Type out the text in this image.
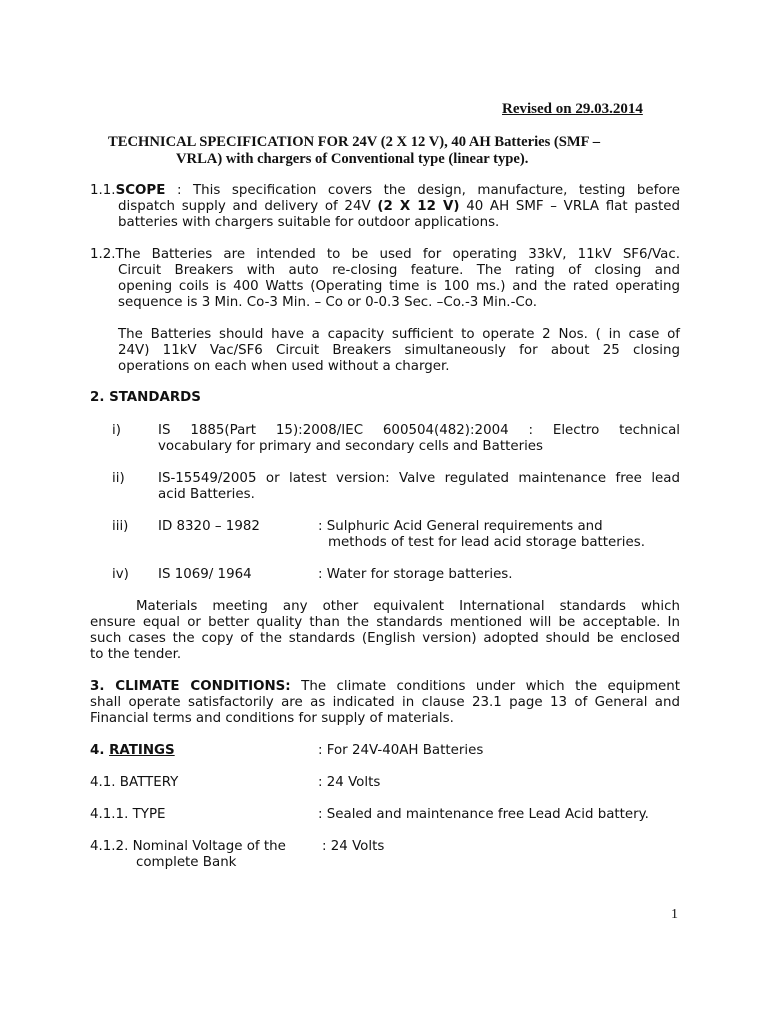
Revised on 29.03.2014
TECHNICAL SPECIFICATION FOR 24V (2 X 12 V), 40 AH Batteries (SMF –
VRLA) with chargers of Conventional type (linear type).
1.1.SCOPE : This specification covers the design, manufacture, testing before
dispatch supply and delivery of 24V (2 X 12 V) 40 AH SMF – VRLA flat pasted
batteries with chargers suitable for outdoor applications.
1.2.The Batteries are intended to be used for operating 33kV, 11kV SF6/Vac.
Circuit Breakers with auto re-closing feature. The rating of closing and
opening coils is 400 Watts (Operating time is 100 ms.) and the rated operating
sequence is 3 Min. Co-3 Min. – Co or 0-0.3 Sec. –Co.-3 Min.-Co.
The Batteries should have a capacity sufficient to operate 2 Nos. ( in case of
24V) 11kV Vac/SF6 Circuit Breakers simultaneously for about 25 closing
operations on each when used without a charger.
2. STANDARDS
i)	IS 1885(Part 15):2008/IEC 600504(482):2004 : Electro technical
vocabulary for primary and secondary cells and Batteries
ii) IS-15549/2005 or latest version: Valve regulated maintenance free lead
acid Batteries.
iii) ID 8320 – 1982	: Sulphuric Acid General requirements and
methods of test for lead acid storage batteries.
iv) IS 1069/ 1964	: Water for storage batteries.
Materials meeting any other equivalent International standards which
ensure equal or better quality than the standards mentioned will be acceptable. In
such cases the copy of the standards (English version) adopted should be enclosed
to the tender.
3. CLIMATE CONDITIONS: The climate conditions under which the equipment
shall operate satisfactorily are as indicated in clause 23.1 page 13 of General and
Financial terms and conditions for supply of materials.
4. RATINGS	: For 24V-40AH Batteries
4.1. BATTERY	: 24 Volts
4.1.1. TYPE	: Sealed and maintenance free Lead Acid battery.
4.1.2. Nominal Voltage of the
complete Bank
: 24 Volts
1
